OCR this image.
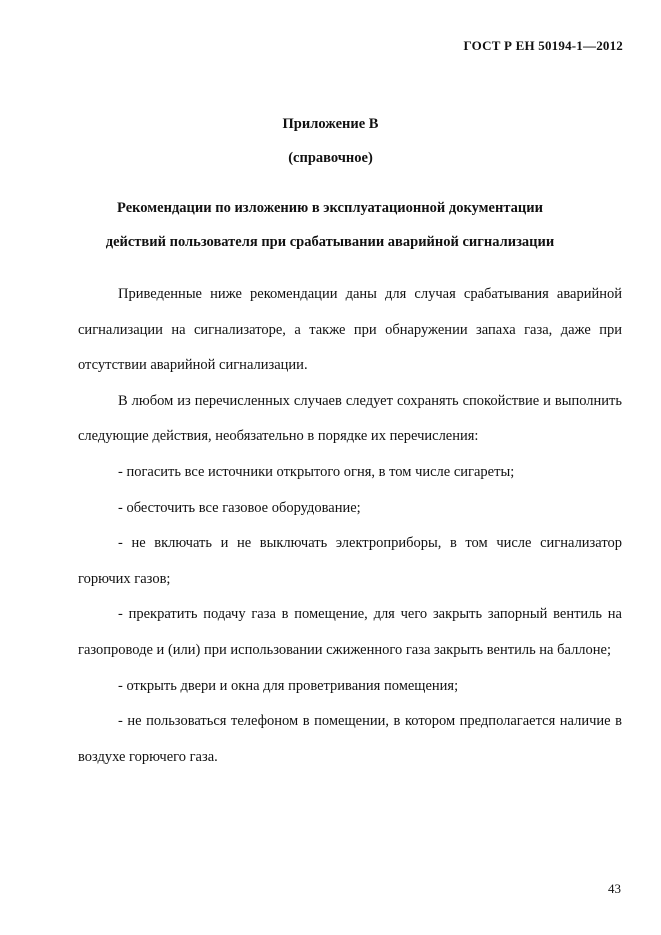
ГОСТ Р ЕН 50194-1—2012
Приложение В
(справочное)
Рекомендации по изложению в эксплуатационной документации
действий пользователя при срабатывании аварийной сигнализации

Приведенные ниже рекомендации даны для случая срабатывания аварийной сигнализации на сигнализаторе, а также при обнаружении запаха газа, даже при отсутствии аварийной сигнализации.

В любом из перечисленных случаев следует сохранять спокойствие и выполнить следующие действия, необязательно в порядке их перечисления:

- погасить все источники открытого огня, в том числе сигареты;

- обесточить все газовое оборудование;

- не включать и не выключать электроприборы, в том числе сигнализатор горючих газов;

- прекратить подачу газа в помещение, для чего закрыть запорный вентиль на газопроводе и (или) при использовании сжиженного газа закрыть вентиль на баллоне;

- открыть двери и окна для проветривания помещения;

- не пользоваться телефоном в помещении, в котором предполагается наличие в воздухе горючего газа.

43
